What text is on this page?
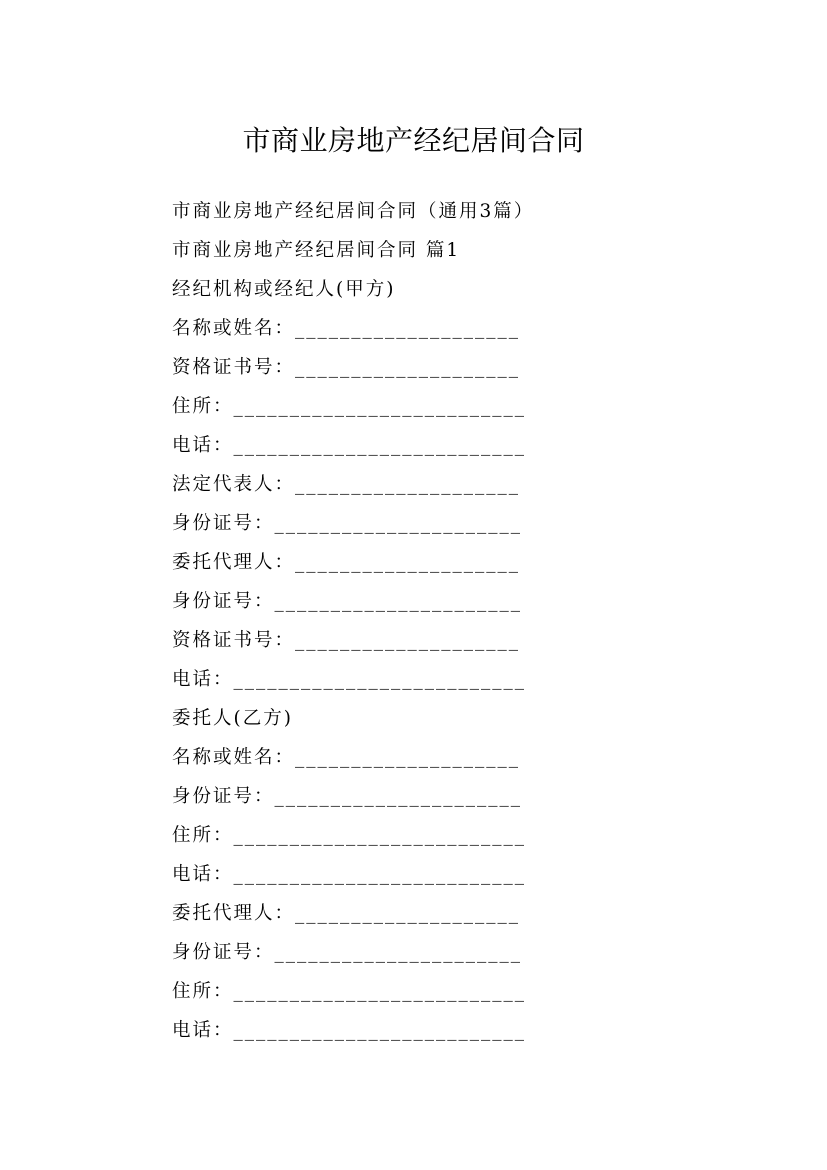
市商业房地产经纪居间合同
市商业房地产经纪居间合同（通用3篇）
市商业房地产经纪居间合同 篇1
经纪机构或经纪人(甲方)
名称或姓名：____________________
资格证书号：____________________
住所：__________________________
电话：__________________________
法定代表人：____________________
身份证号：______________________
委托代理人：____________________
身份证号：______________________
资格证书号：____________________
电话：__________________________
委托人(乙方)
名称或姓名：____________________
身份证号：______________________
住所：__________________________
电话：__________________________
委托代理人：____________________
身份证号：______________________
住所：__________________________
电话：__________________________
